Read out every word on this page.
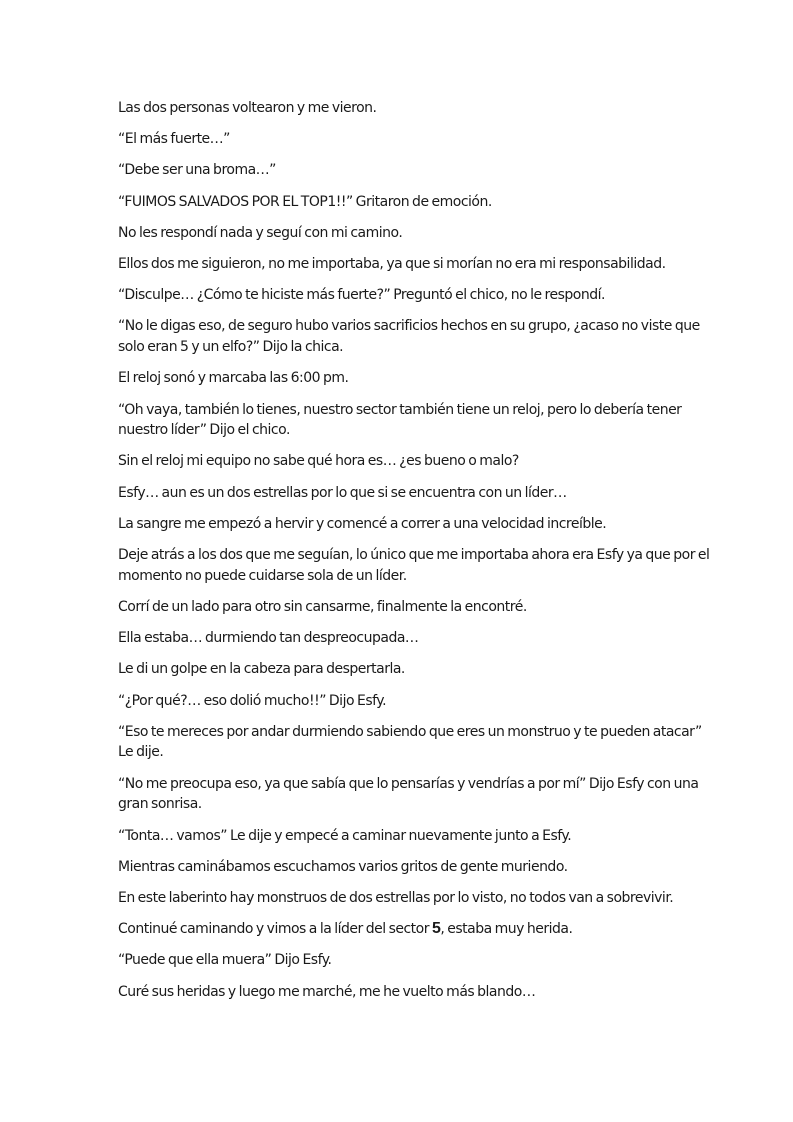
Las dos personas voltearon y me vieron.

“El más fuerte…”

“Debe ser una broma…”

“FUIMOS SALVADOS POR EL TOP1!!” Gritaron de emoción.

No les respondí nada y seguí con mi camino.

Ellos dos me siguieron, no me importaba, ya que si morían no era mi responsabilidad.

“Disculpe… ¿Cómo te hiciste más fuerte?” Preguntó el chico, no le respondí.

“No le digas eso, de seguro hubo varios sacrificios hechos en su grupo, ¿acaso no viste que solo eran 5 y un elfo?” Dijo la chica.

El reloj sonó y marcaba las 6:00 pm.

“Oh vaya, también lo tienes, nuestro sector también tiene un reloj, pero lo debería tener nuestro líder” Dijo el chico.

Sin el reloj mi equipo no sabe qué hora es… ¿es bueno o malo?

Esfy… aun es un dos estrellas por lo que si se encuentra con un líder…

La sangre me empezó a hervir y comencé a correr a una velocidad increíble.

Deje atrás a los dos que me seguían, lo único que me importaba ahora era Esfy ya que por el momento no puede cuidarse sola de un líder.

Corrí de un lado para otro sin cansarme, finalmente la encontré.

Ella estaba… durmiendo tan despreocupada…

Le di un golpe en la cabeza para despertarla.

“¿Por qué?… eso dolió mucho!!” Dijo Esfy.

“Eso te mereces por andar durmiendo sabiendo que eres un monstruo y te pueden atacar” Le dije.

“No me preocupa eso, ya que sabía que lo pensarías y vendrías a por mí” Dijo Esfy con una gran sonrisa.

“Tonta… vamos” Le dije y empecé a caminar nuevamente junto a Esfy.

Mientras caminábamos escuchamos varios gritos de gente muriendo.

En este laberinto hay monstruos de dos estrellas por lo visto, no todos van a sobrevivir.

Continué caminando y vimos a la líder del sector 5, estaba muy herida.

“Puede que ella muera” Dijo Esfy.

Curé sus heridas y luego me marché, me he vuelto más blando…
